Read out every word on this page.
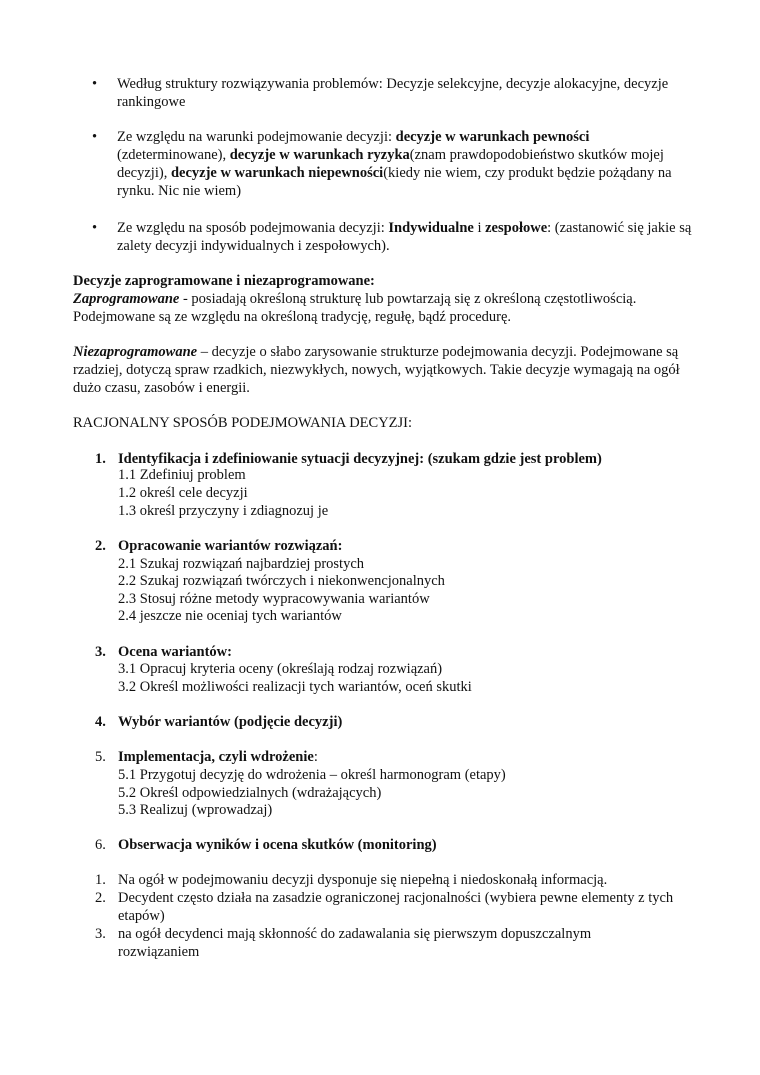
• Według struktury rozwiązywania problemów: Decyzje selekcyjne, decyzje alokacyjne, decyzje rankingowe
• Ze względu na warunki podejmowanie decyzji: decyzje w warunkach pewności (zdeterminowane), decyzje w warunkach ryzyka(znam prawdopodobieństwo skutków mojej decyzji), decyzje w warunkach niepewności(kiedy nie wiem, czy produkt będzie pożądany na rynku. Nic nie wiem)
• Ze względu na sposób podejmowania decyzji: Indywidualne i zespołowe: (zastanowić się jakie są zalety decyzji indywidualnych i zespołowych).
Decyzje zaprogramowane i niezaprogramowane:
Zaprogramowane - posiadają określoną strukturę lub powtarzają się z określoną częstotliwością. Podejmowane są ze względu na określoną tradycję, regułę, bądź procedurę.
Niezaprogramowane – decyzje o słabo zarysowanie strukturze podejmowania decyzji. Podejmowane są rzadziej, dotyczą spraw rzadkich, niezwykłych, nowych, wyjątkowych. Takie decyzje wymagają na ogół dużo czasu, zasobów i energii.
RACJONALNY SPOSÓB PODEJMOWANIA DECYZJI:
1. Identyfikacja i zdefiniowanie sytuacji decyzyjnej: (szukam gdzie jest problem)
1.1 Zdefiniuj problem
1.2 określ cele decyzji
1.3 określ przyczyny i zdiagnozuj je
2. Opracowanie wariantów rozwiązań:
2.1 Szukaj rozwiązań najbardziej prostych
2.2 Szukaj rozwiązań twórczych i niekonwencjonalnych
2.3 Stosuj różne metody wypracowywania wariantów
2.4 jeszcze nie oceniaj tych wariantów
3. Ocena wariantów:
3.1 Opracuj kryteria oceny (określają rodzaj rozwiązań)
3.2 Określ możliwości realizacji tych wariantów, oceń skutki
4. Wybór wariantów (podjęcie decyzji)
5. Implementacja, czyli wdrożenie:
5.1 Przygotuj decyzję do wdrożenia – określ harmonogram (etapy)
5.2 Określ odpowiedzialnych (wdrażających)
5.3 Realizuj (wprowadzaj)
6. Obserwacja wyników i ocena skutków (monitoring)
1. Na ogół w podejmowaniu decyzji dysponuje się niepełną i niedoskonałą informacją.
2. Decydent często działa na zasadzie ograniczonej racjonalności (wybiera pewne elementy z tych etapów)
3. na ogół decydenci mają skłonność do zadawalania się pierwszym dopuszczalnym rozwiązaniem
